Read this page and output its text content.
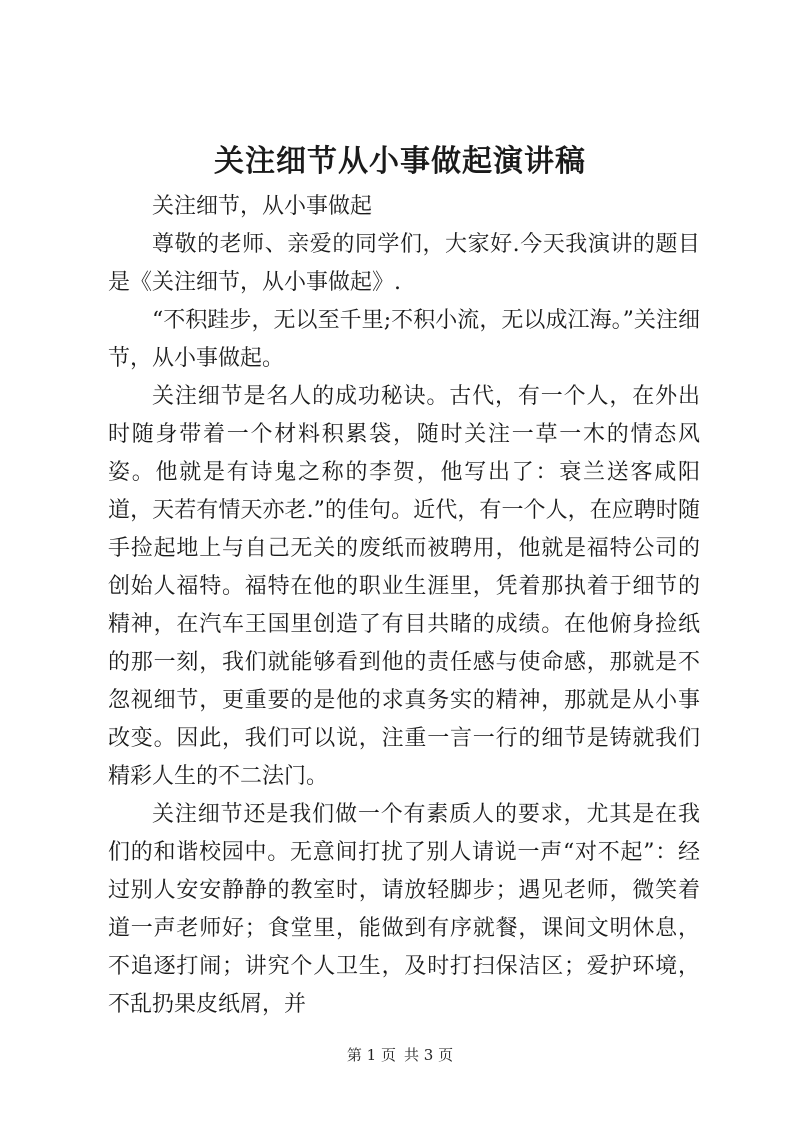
关注细节从小事做起演讲稿

关注细节，从小事做起

尊敬的老师、亲爱的同学们，大家好.今天我演讲的题目是《关注细节，从小事做起》.

“不积跬步，无以至千里;不积小流，无以成江海。”关注细节，从小事做起。

关注细节是名人的成功秘诀。古代，有一个人，在外出时随身带着一个材料积累袋，随时关注一草一木的情态风姿。他就是有诗鬼之称的李贺，他写出了：衰兰送客咸阳道，天若有情天亦老.”的佳句。近代，有一个人，在应聘时随手捡起地上与自己无关的废纸而被聘用，他就是福特公司的创始人福特。福特在他的职业生涯里，凭着那执着于细节的精神，在汽车王国里创造了有目共睹的成绩。在他俯身捡纸的那一刻，我们就能够看到他的责任感与使命感，那就是不忽视细节，更重要的是他的求真务实的精神，那就是从小事改变。因此，我们可以说，注重一言一行的细节是铸就我们精彩人生的不二法门。

关注细节还是我们做一个有素质人的要求，尤其是在我们的和谐校园中。无意间打扰了别人请说一声“对不起”：经过别人安安静静的教室时，请放轻脚步；遇见老师，微笑着道一声老师好；食堂里，能做到有序就餐，课间文明休息，不追逐打闹；讲究个人卫生，及时打扫保洁区；爱护环境，不乱扔果皮纸屑，并

第 1 页 共 3 页
